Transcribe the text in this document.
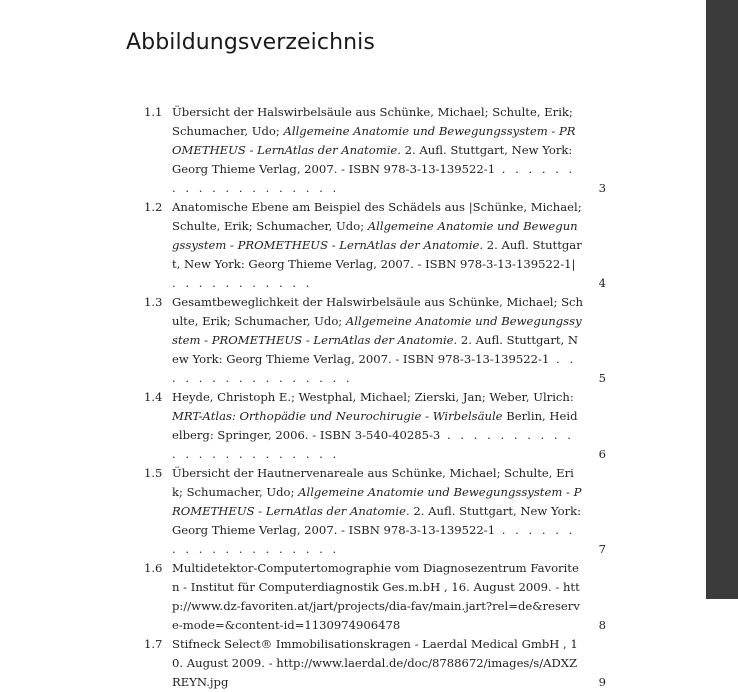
Abbildungsverzeichnis
1.1 Übersicht der Halswirbelsäule aus Schünke, Michael; Schulte, Erik; Schumacher, Udo; Allgemeine Anatomie und Bewegungssystem - PROMETHEUS - LernAtlas der Anatomie. 2. Aufl. Stuttgart, New York: Georg Thieme Verlag, 2007. - ISBN 978-3-13-139522-1 . . . . . . . . . . . . . . . . . . .	3
1.2 Anatomische Ebene am Beispiel des Schädels aus |Schünke, Michael; Schulte, Erik; Schumacher, Udo; Allgemeine Anatomie und Bewegungssystem - PROMETHEUS - LernAtlas der Anatomie. 2. Aufl. Stuttgart, New York: Georg Thieme Verlag, 2007. - ISBN 978-3-13-139522-1| . . . . . . . . . . .	4
1.3 Gesamtbeweglichkeit der Halswirbelsäule aus Schünke, Michael; Schulte, Erik; Schumacher, Udo; Allgemeine Anatomie und Bewegungssystem - PROMETHEUS - LernAtlas der Anatomie. 2. Aufl. Stuttgart, New York: Georg Thieme Verlag, 2007. - ISBN 978-3-13-139522-1 . . . . . . . . . . . . . . . .	5
1.4 Heyde, Christoph E.; Westphal, Michael; Zierski, Jan; Weber, Ulrich: MRT-Atlas: Orthopädie und Neurochirugie - Wirbelsäule Berlin, Heidelberg: Springer, 2006. - ISBN 3-540-40285-3 . . . . . . . . . . . . . . . . . . . . . . .	6
1.5 Übersicht der Hautnervenareale aus Schünke, Michael; Schulte, Erik; Schumacher, Udo; Allgemeine Anatomie und Bewegungssystem - PROMETHEUS - LernAtlas der Anatomie. 2. Aufl. Stuttgart, New York: Georg Thieme Verlag, 2007. - ISBN 978-3-13-139522-1 . . . . . . . . . . . . . . . . . . .	7
1.6 Multidetektor-Computertomographie vom Diagnosezentrum Favoriten - Institut für Computerdiagnostik Ges.m.bH , 16. August 2009. - http://www.dz-favoriten.at/jart/projects/dia-fav/main.jart?rel=de&reserve-mode=&content-id=1130974906478	8
1.7 Stifneck Select® Immobilisationskragen - Laerdal Medical GmbH , 10. August 2009. - http://www.laerdal.de/doc/8788672/images/s/ADXZREYN.jpg	9
